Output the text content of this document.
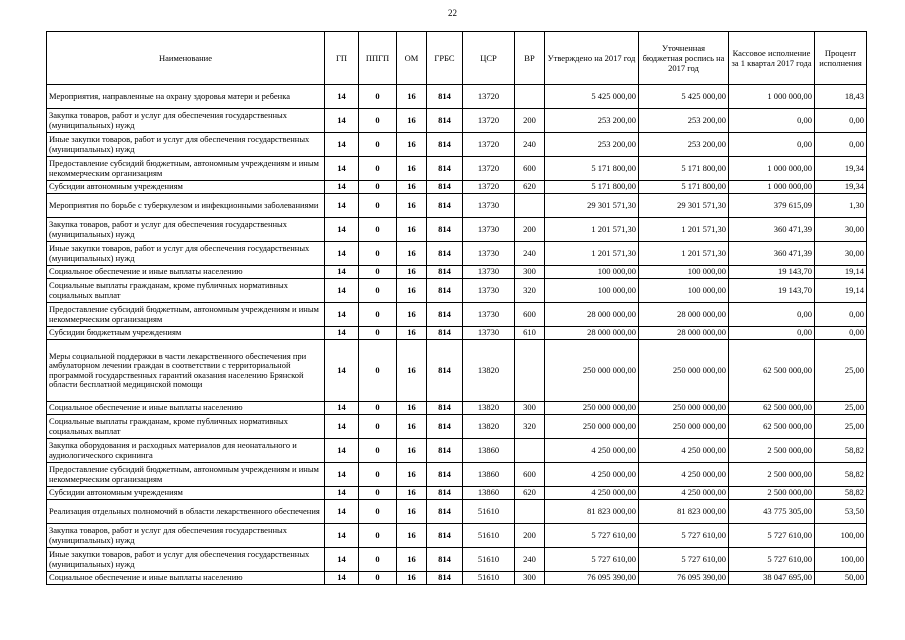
22
Наименование	ГП	ППГП	ОМ	ГРБС	ЦСР	ВР	Утверждено на 2017 год	Уточненная бюджетная роспись на 2017 год	Кассовое исполнение за 1 квартал 2017 года	Процент исполнения
Мероприятия, направленные на охрану здоровья матери и ребенка	14	0	16	814	13720		5 425 000,00	5 425 000,00	1 000 000,00	18,43
Закупка товаров, работ и услуг для обеспечения государственных (муниципальных) нужд	14	0	16	814	13720	200	253 200,00	253 200,00	0,00	0,00
Иные закупки товаров, работ и услуг для обеспечения государственных (муниципальных) нужд	14	0	16	814	13720	240	253 200,00	253 200,00	0,00	0,00
Предоставление субсидий бюджетным, автономным учреждениям и иным некоммерческим организациям	14	0	16	814	13720	600	5 171 800,00	5 171 800,00	1 000 000,00	19,34
Субсидии автономным учреждениям	14	0	16	814	13720	620	5 171 800,00	5 171 800,00	1 000 000,00	19,34
Мероприятия по борьбе с туберкулезом и инфекционными заболеваниями	14	0	16	814	13730		29 301 571,30	29 301 571,30	379 615,09	1,30
Закупка товаров, работ и услуг для обеспечения государственных (муниципальных) нужд	14	0	16	814	13730	200	1 201 571,30	1 201 571,30	360 471,39	30,00
Иные закупки товаров, работ и услуг для обеспечения государственных (муниципальных) нужд	14	0	16	814	13730	240	1 201 571,30	1 201 571,30	360 471,39	30,00
Социальное обеспечение и иные выплаты населению	14	0	16	814	13730	300	100 000,00	100 000,00	19 143,70	19,14
Социальные выплаты гражданам, кроме публичных нормативных социальных выплат	14	0	16	814	13730	320	100 000,00	100 000,00	19 143,70	19,14
Предоставление субсидий бюджетным, автономным учреждениям и иным некоммерческим организациям	14	0	16	814	13730	600	28 000 000,00	28 000 000,00	0,00	0,00
Субсидии бюджетным учреждениям	14	0	16	814	13730	610	28 000 000,00	28 000 000,00	0,00	0,00
Меры социальной поддержки в части лекарственного обеспечения при амбулаторном лечении граждан в соответствии с территориальной программой государственных гарантий оказания населению Брянской области бесплатной медицинской помощи	14	0	16	814	13820		250 000 000,00	250 000 000,00	62 500 000,00	25,00
Социальное обеспечение и иные выплаты населению	14	0	16	814	13820	300	250 000 000,00	250 000 000,00	62 500 000,00	25,00
Социальные выплаты гражданам, кроме публичных нормативных социальных выплат	14	0	16	814	13820	320	250 000 000,00	250 000 000,00	62 500 000,00	25,00
Закупка оборудования и расходных материалов для неонатального и аудиологического скрининга	14	0	16	814	13860		4 250 000,00	4 250 000,00	2 500 000,00	58,82
Предоставление субсидий бюджетным, автономным учреждениям и иным некоммерческим организациям	14	0	16	814	13860	600	4 250 000,00	4 250 000,00	2 500 000,00	58,82
Субсидии автономным учреждениям	14	0	16	814	13860	620	4 250 000,00	4 250 000,00	2 500 000,00	58,82
Реализация отдельных полномочий в области лекарственного обеспечения	14	0	16	814	51610		81 823 000,00	81 823 000,00	43 775 305,00	53,50
Закупка товаров, работ и услуг для обеспечения государственных (муниципальных) нужд	14	0	16	814	51610	200	5 727 610,00	5 727 610,00	5 727 610,00	100,00
Иные закупки товаров, работ и услуг для обеспечения государственных (муниципальных) нужд	14	0	16	814	51610	240	5 727 610,00	5 727 610,00	5 727 610,00	100,00
Социальное обеспечение и иные выплаты населению	14	0	16	814	51610	300	76 095 390,00	76 095 390,00	38 047 695,00	50,00
